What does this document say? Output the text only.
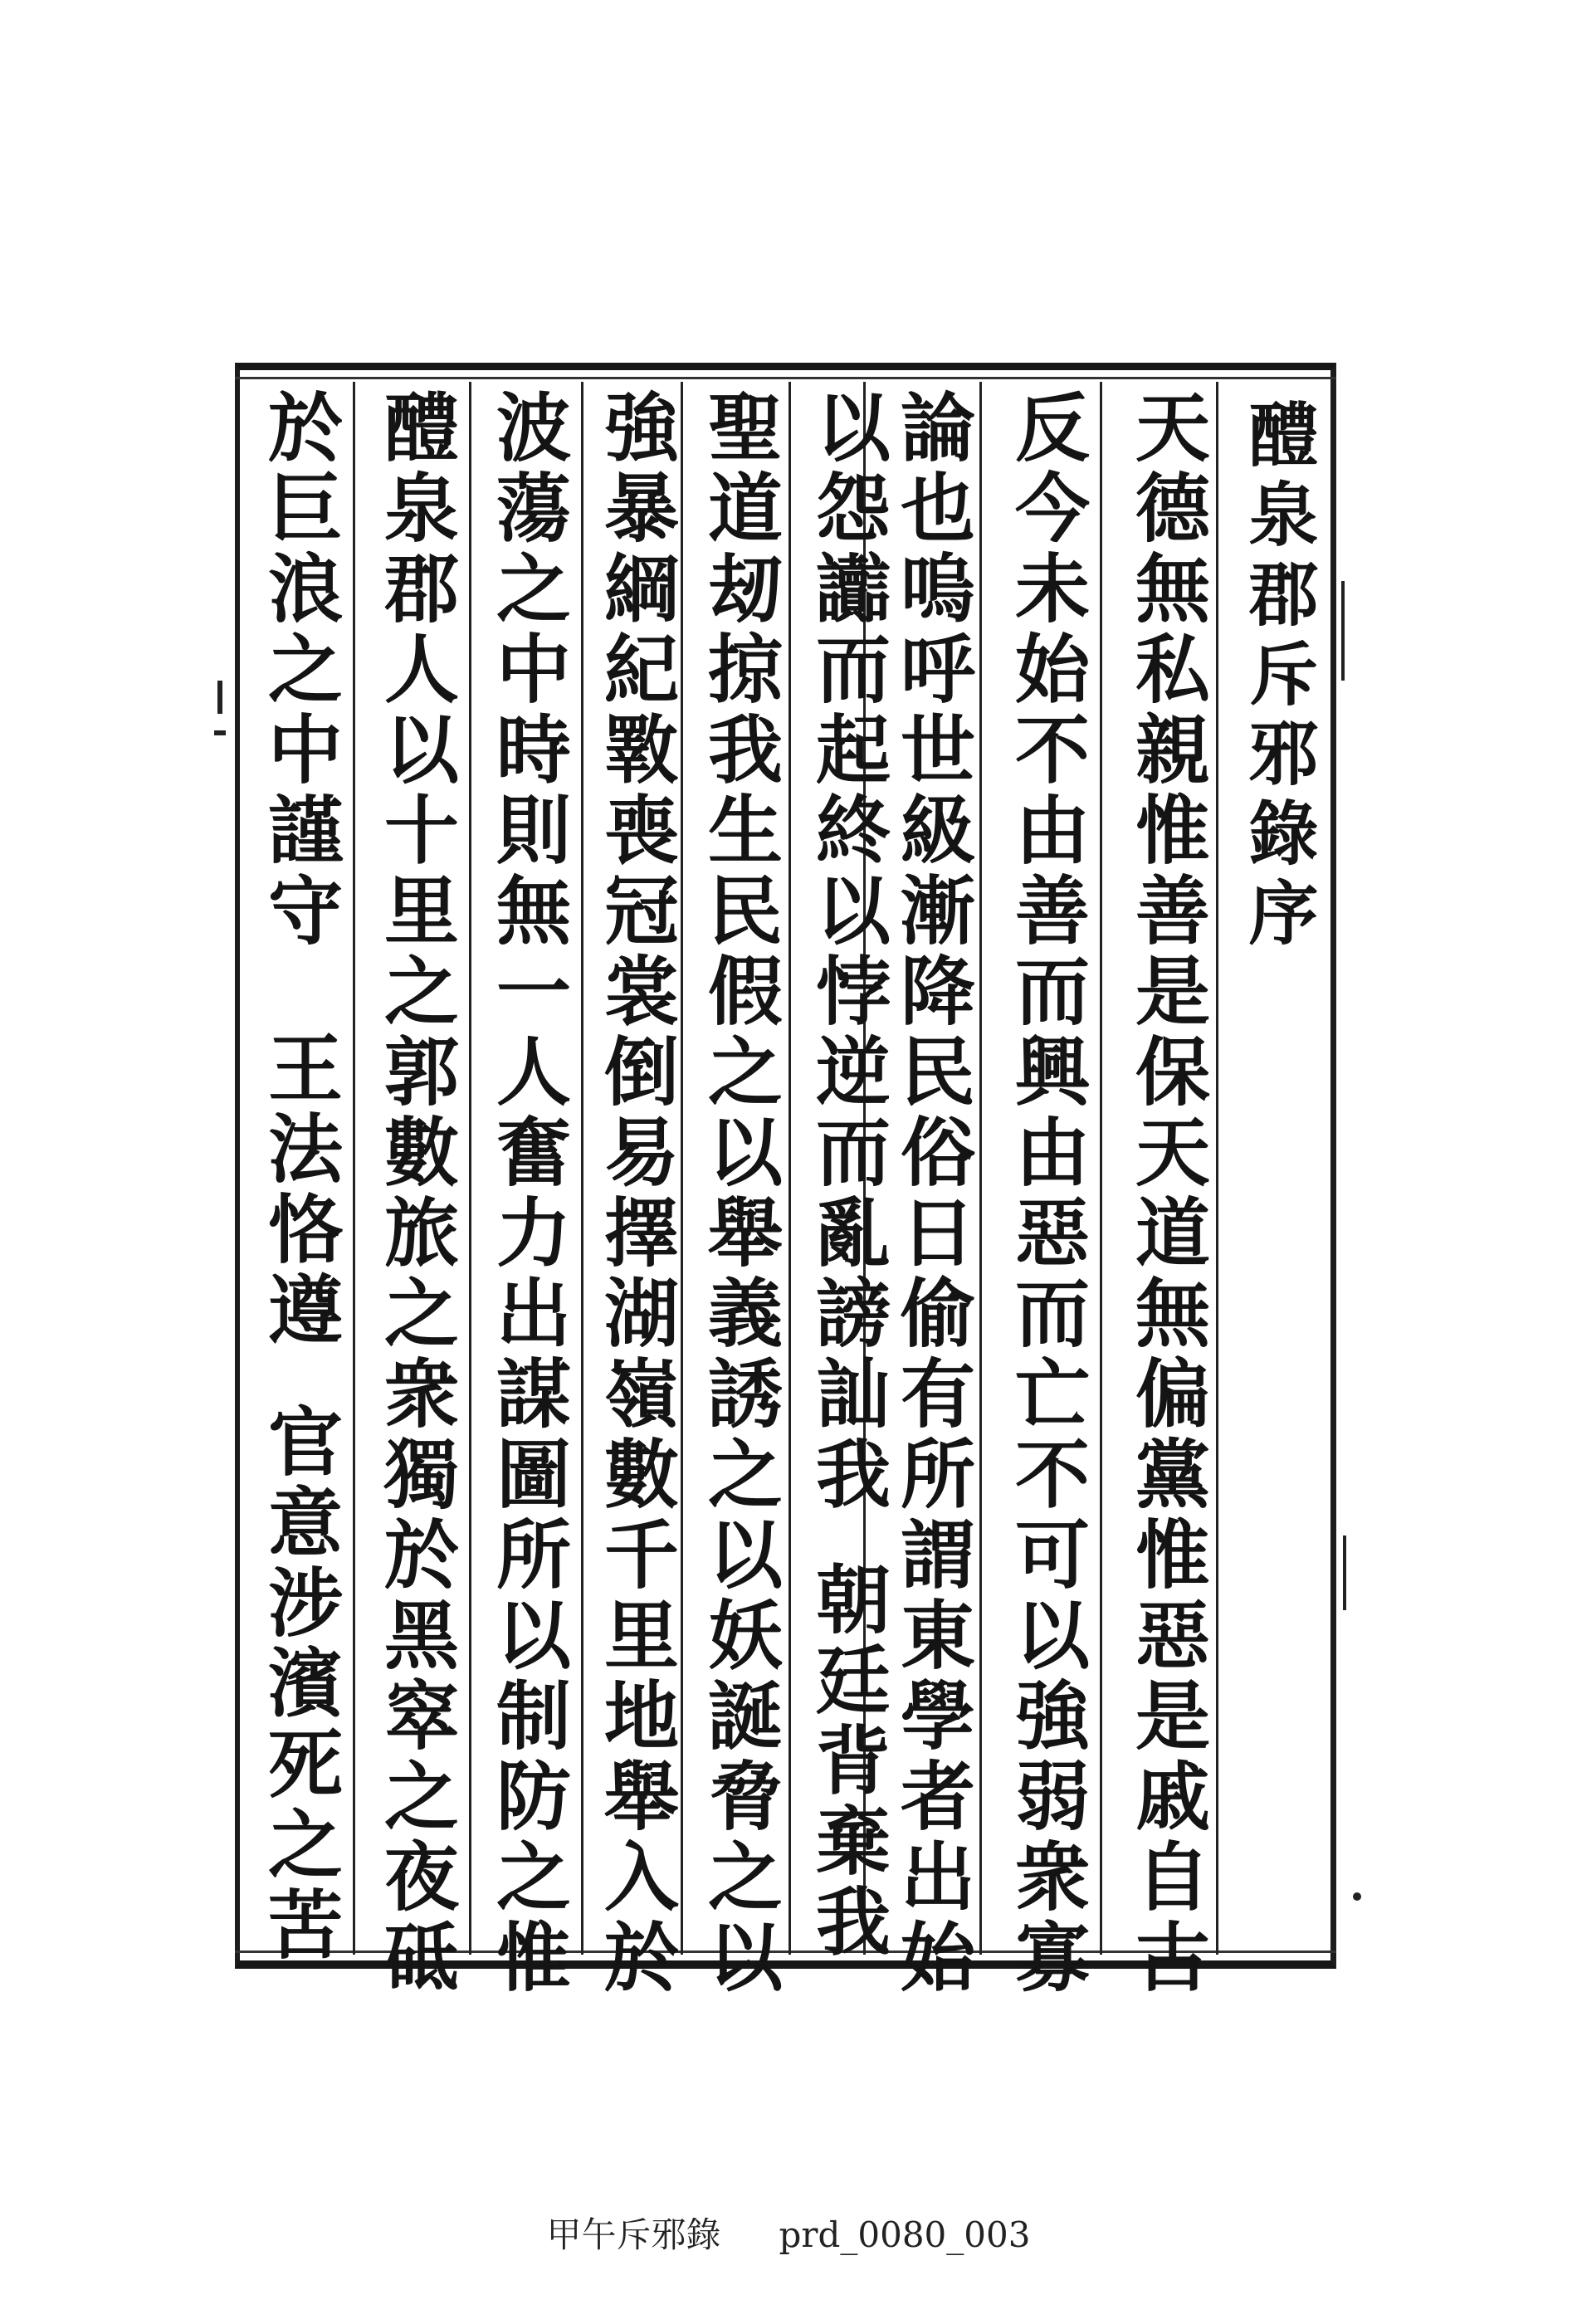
醴泉郡斥邪錄序
天德無私親惟善是保天道無偏黨惟惡是戚自古
反今未始不由善而興由惡而亡不可以強弱衆寡
論也嗚呼世級漸降民俗日偷有所謂東學者出始
以怨讟而起終以悖逆而亂謗訕我
朝廷背棄我
聖道刼掠我生民假之以舉義誘之以妖誕脅之以
強暴綱紀斁喪冠裳倒易擇湖嶺數千里地舉入於
波蕩之中時則無一人奮力出謀圖所以制防之惟
醴泉郡人以十里之郭數旅之衆獨於黑窣之夜砥
於巨浪之中謹守
王法恪遵
官意涉濱死之苦
甲午斥邪錄 prd_0080_003
